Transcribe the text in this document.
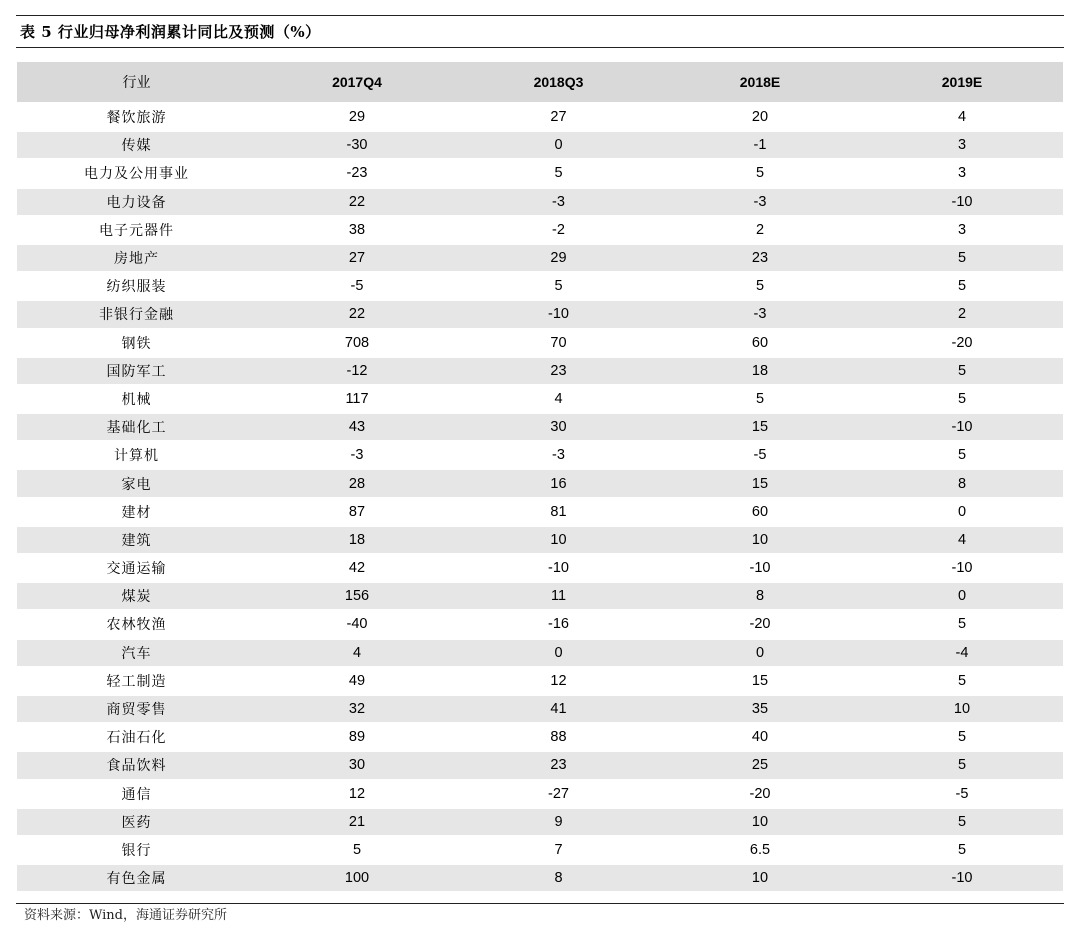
表 5 行业归母净利润累计同比及预测（%）
行业	2017Q4	2018Q3	2018E	2019E
餐饮旅游	29	27	20	4
传媒	-30	0	-1	3
电力及公用事业	-23	5	5	3
电力设备	22	-3	-3	-10
电子元器件	38	-2	2	3
房地产	27	29	23	5
纺织服装	-5	5	5	5
非银行金融	22	-10	-3	2
钢铁	708	70	60	-20
国防军工	-12	23	18	5
机械	117	4	5	5
基础化工	43	30	15	-10
计算机	-3	-3	-5	5
家电	28	16	15	8
建材	87	81	60	0
建筑	18	10	10	4
交通运输	42	-10	-10	-10
煤炭	156	11	8	0
农林牧渔	-40	-16	-20	5
汽车	4	0	0	-4
轻工制造	49	12	15	5
商贸零售	32	41	35	10
石油石化	89	88	40	5
食品饮料	30	23	25	5
通信	12	-27	-20	-5
医药	21	9	10	5
银行	5	7	6.5	5
有色金属	100	8	10	-10
资料来源：Wind，海通证券研究所
